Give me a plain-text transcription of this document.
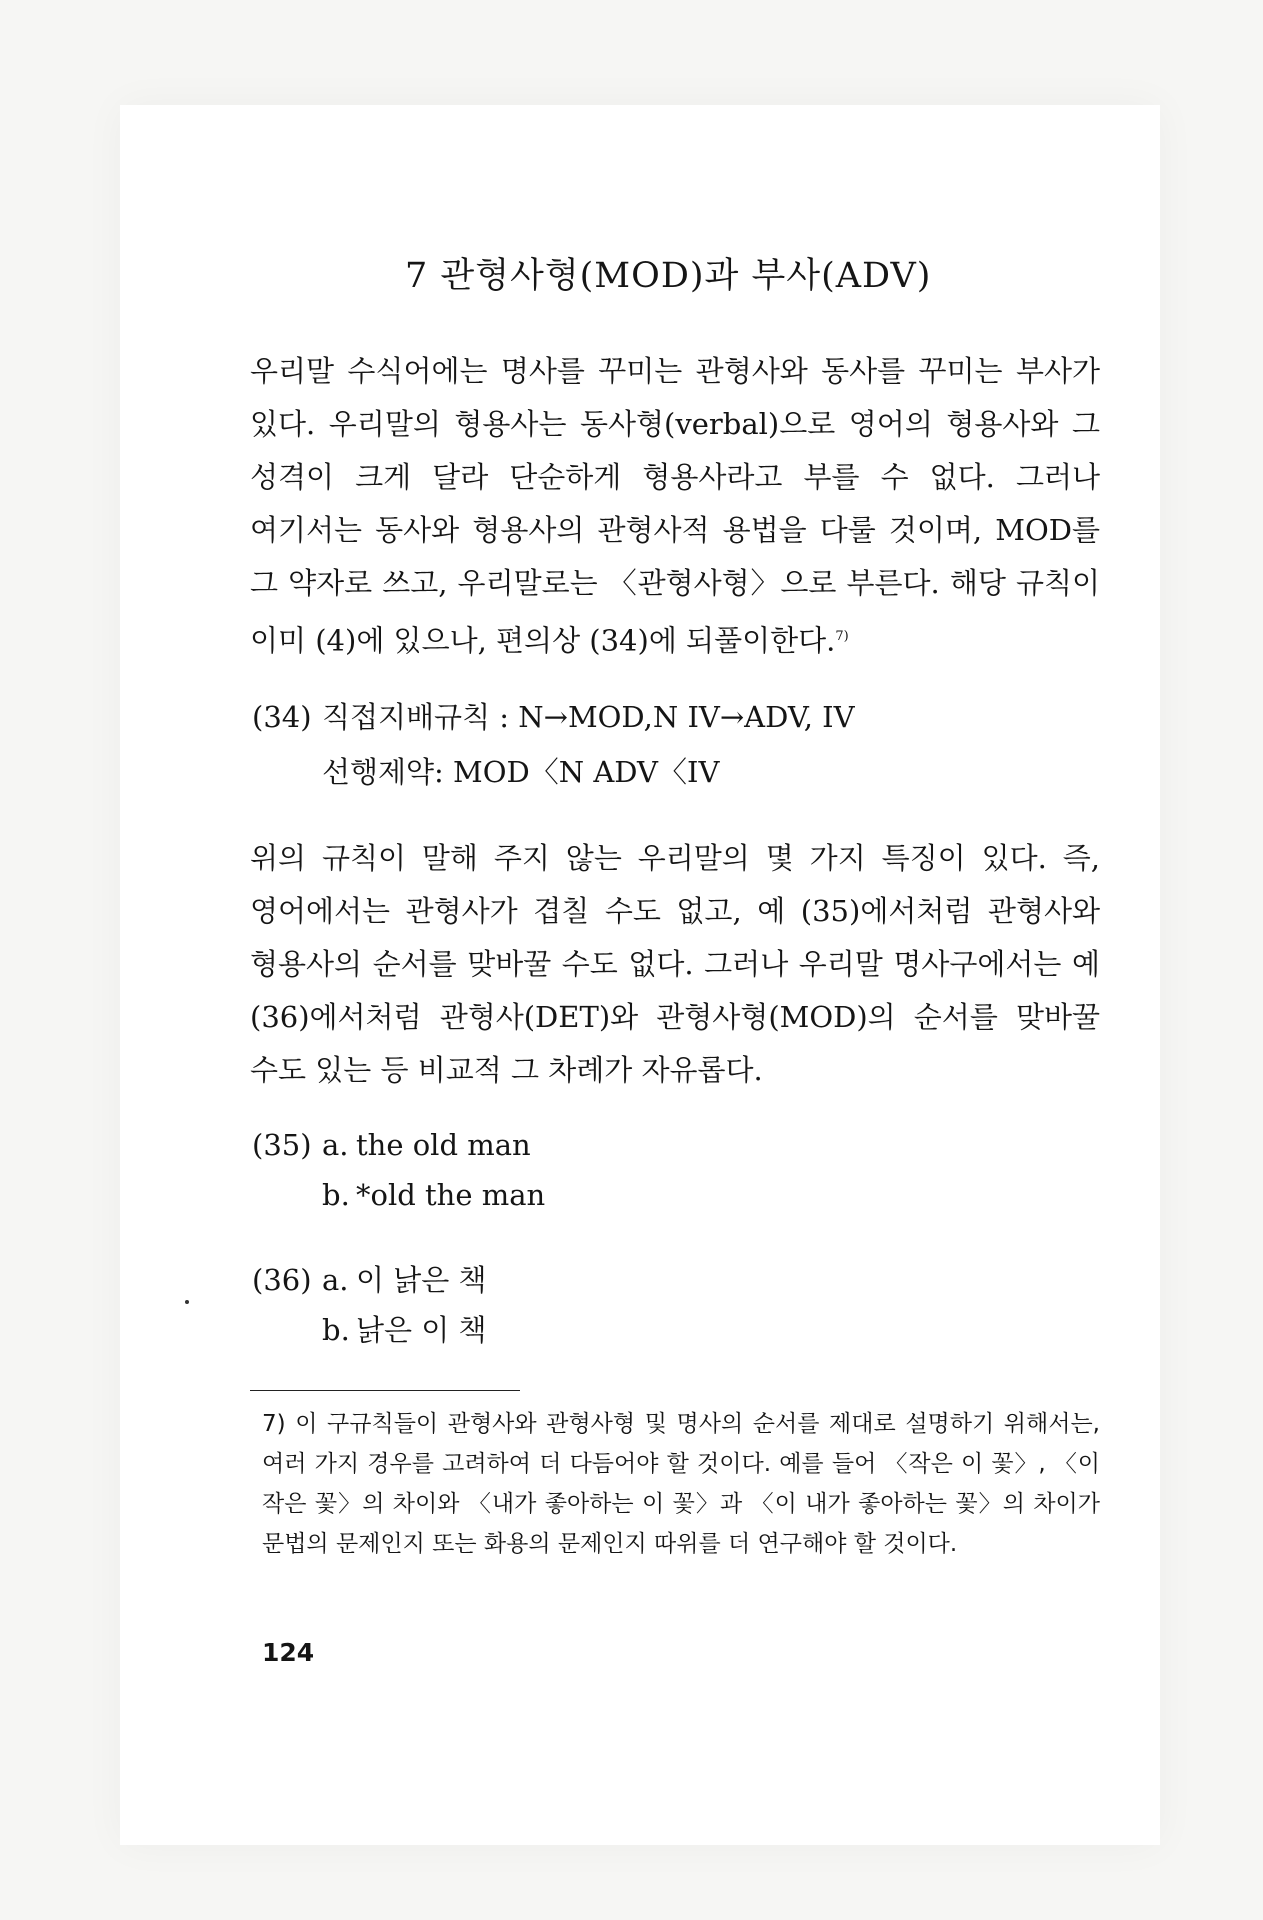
7 관형사형(MOD)과 부사(ADV)

우리말 수식어에는 명사를 꾸미는 관형사와 동사를 꾸미는 부사가 있다. 우리말의 형용사는 동사형(verbal)으로 영어의 형용사와 그 성격이 크게 달라 단순하게 형용사라고 부를 수 없다. 그러나 여기서는 동사와 형용사의 관형사적 용법을 다룰 것이며, MOD를 그 약자로 쓰고, 우리말로는 〈관형사형〉으로 부른다. 해당 규칙이 이미 (4)에 있으나, 편의상 (34)에 되풀이한다.$^{7)}$

(34) 직접지배규칙 : N→MOD,N IV→ADV, IV
선행제약: MOD〈N ADV〈IV

위의 규칙이 말해 주지 않는 우리말의 몇 가지 특징이 있다. 즉, 영어에서는 관형사가 겹칠 수도 없고, 예 (35)에서처럼 관형사와 형용사의 순서를 맞바꿀 수도 없다. 그러나 우리말 명사구에서는 예 (36)에서처럼 관형사(DET)와 관형사형(MOD)의 순서를 맞바꿀 수도 있는 등 비교적 그 차례가 자유롭다.

(35) a. the old man
b. *old the man
(36) a. 이 낡은 책
b. 낡은 이 책
7) 이 구규칙들이 관형사와 관형사형 및 명사의 순서를 제대로 설명하기 위해서는, 여러 가지 경우를 고려하여 더 다듬어야 할 것이다. 예를 들어 〈작은 이 꽃〉, 〈이 작은 꽃〉의 차이와 〈내가 좋아하는 이 꽃〉과 〈이 내가 좋아하는 꽃〉의 차이가 문법의 문제인지 또는 화용의 문제인지 따위를 더 연구해야 할 것이다.
124
